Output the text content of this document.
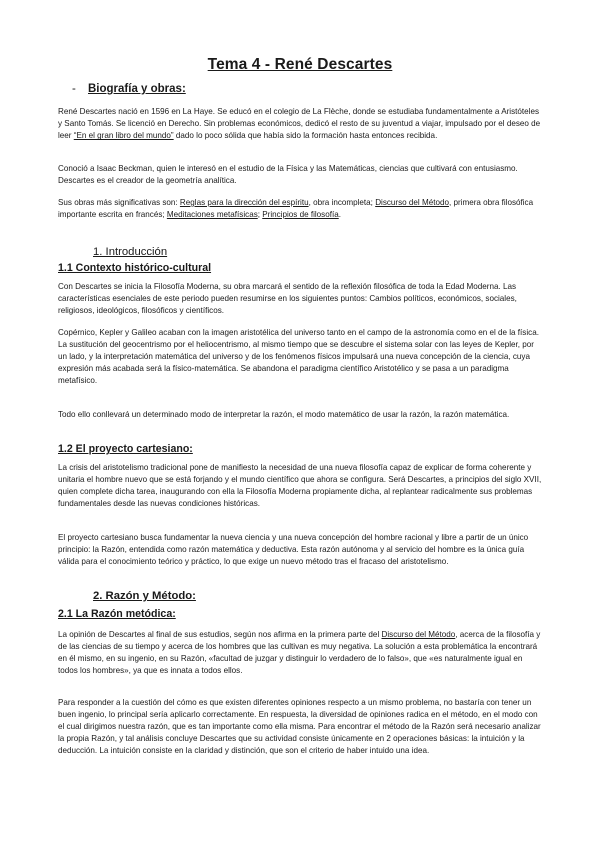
Tema 4 - René Descartes
- Biografía y obras:

René Descartes nació en 1596 en La Haye. Se educó en el colegio de La Flèche, donde se estudiaba fundamentalmente a Aristóteles y Santo Tomás. Se licenció en Derecho. Sin problemas económicos, dedicó el resto de su juventud a viajar, impulsado por el deseo de leer “En el gran libro del mundo” dado lo poco sólida que había sido la formación hasta entonces recibida.

Conoció a Isaac Beckman, quien le interesó en el estudio de la Física y las Matemáticas, ciencias que cultivará con entusiasmo. Descartes es el creador de la geometría analítica.

Sus obras más significativas son: Reglas para la dirección del espíritu, obra incompleta; Discurso del Método, primera obra filosófica importante escrita en francés; Meditaciones metafísicas; Principios de filosofía.

1. Introducción
1.1 Contexto histórico-cultural

Con Descartes se inicia la Filosofía Moderna, su obra marcará el sentido de la reflexión filosófica de toda la Edad Moderna. Las características esenciales de este periodo pueden resumirse en los siguientes puntos: Cambios políticos, económicos, sociales, religiosos, ideológicos, filosóficos y científicos.

Copérnico, Kepler y Galileo acaban con la imagen aristotélica del universo tanto en el campo de la astronomía como en el de la física. La sustitución del geocentrismo por el heliocentrismo, al mismo tiempo que se descubre el sistema solar con las leyes de Kepler, por un lado, y la interpretación matemática del universo y de los fenómenos físicos impulsará una nueva concepción de la ciencia, cuya expresión más acabada será la físico-matemática. Se abandona el paradigma científico Aristotélico y se pasa a un paradigma metafísico.

Todo ello conllevará un determinado modo de interpretar la razón, el modo matemático de usar la razón, la razón matemática.

1.2 El proyecto cartesiano:

La crisis del aristotelismo tradicional pone de manifiesto la necesidad de una nueva filosofía capaz de explicar de forma coherente y unitaria el hombre nuevo que se está forjando y el mundo científico que ahora se configura. Será Descartes, a principios del siglo XVII, quien complete dicha tarea, inaugurando con ella la Filosofía Moderna propiamente dicha, al replantear radicalmente sus problemas fundamentales desde las nuevas condiciones históricas.

El proyecto cartesiano busca fundamentar la nueva ciencia y una nueva concepción del hombre racional y libre a partir de un único principio: la Razón, entendida como razón matemática y deductiva. Esta razón autónoma y al servicio del hombre es la única guía válida para el conocimiento teórico y práctico, lo que exige un nuevo método tras el fracaso del aristotelismo.

2. Razón y Método:
2.1 La Razón metódica:

La opinión de Descartes al final de sus estudios, según nos afirma en la primera parte del Discurso del Método, acerca de la filosofía y de las ciencias de su tiempo y acerca de los hombres que las cultivan es muy negativa. La solución a esta problemática la encontrará en él mismo, en su ingenio, en su Razón, «facultad de juzgar y distinguir lo verdadero de lo falso», que «es naturalmente igual en todos los hombres», ya que es innata a todos ellos.

Para responder a la cuestión del cómo es que existen diferentes opiniones respecto a un mismo problema, no bastaría con tener un buen ingenio, lo principal sería aplicarlo correctamente. En respuesta, la diversidad de opiniones radica en el método, en el modo con el cual dirigimos nuestra razón, que es tan importante como ella misma. Para encontrar el método de la Razón será necesario analizar la propia Razón, y tal análisis concluye Descartes que su actividad consiste únicamente en 2 operaciones básicas: la intuición y la deducción. La intuición consiste en la claridad y distinción, que son el criterio de haber intuido una idea.
